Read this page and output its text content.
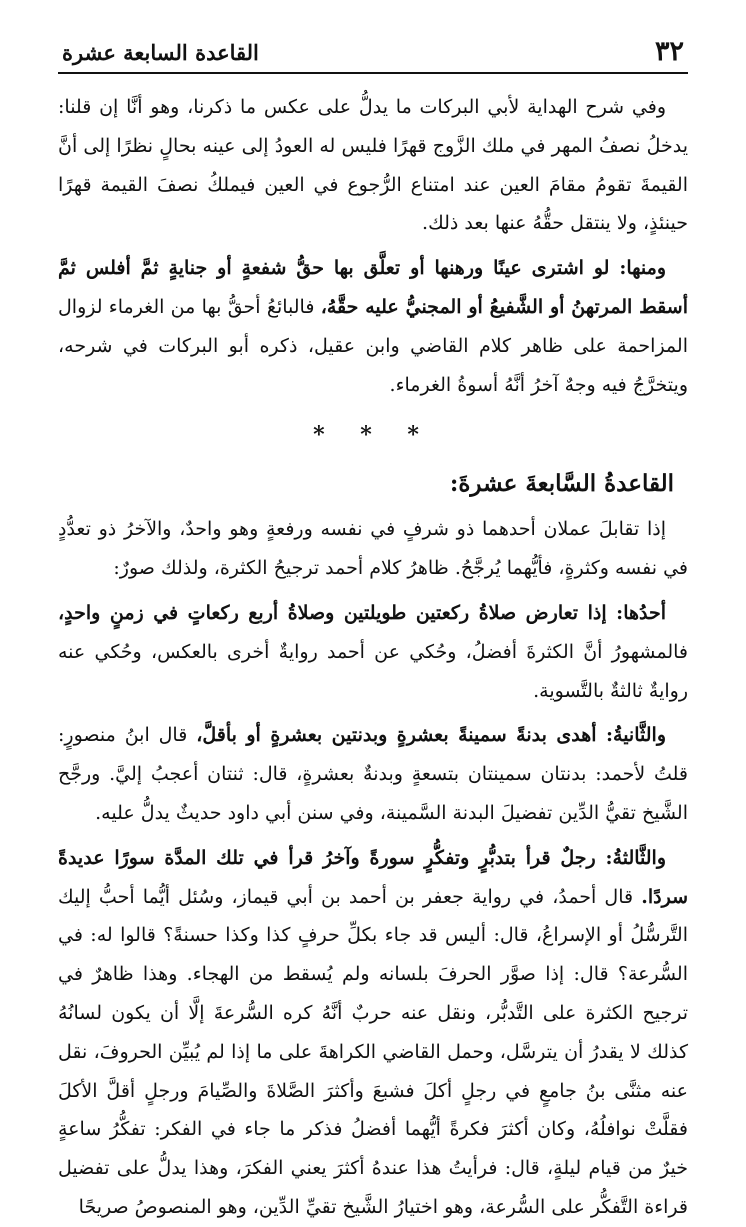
٣٢
القاعدة السابعة عشرة

وفي شرح الهداية لأبي البركات ما يدلُّ على عكس ما ذكرنا، وهو أنَّا إن قلنا: يدخلُ نصفُ المهر في ملك الزَّوج قهرًا فليس له العودُ إلى عينه بحالٍ نظرًا إلى أنَّ القيمةَ تقومُ مقامَ العين عند امتناع الرُّجوع في العين فيملكُ نصفَ القيمة قهرًا حينئذٍ، ولا ينتقل حقُّهُ عنها بعد ذلك.

ومنها: لو اشترى عينًا ورهنها أو تعلَّق بها حقُّ شفعةٍ أو جنايةٍ ثمَّ أفلس ثمَّ أسقط المرتهنُ أو الشَّفيعُ أو المجنيُّ عليه حقَّهُ، فالبائعُ أحقُّ بها من الغرماء لزوال المزاحمة على ظاهر كلام القاضي وابن عقيل، ذكره أبو البركات في شرحه، ويتخرَّجُ فيه وجهٌ آخرُ أنَّهُ أسوةُ الغرماء.

* * *
القاعدةُ السَّابعةَ عشرةَ:

إذا تقابلَ عملان أحدهما ذو شرفٍ في نفسه ورفعةٍ وهو واحدٌ، والآخرُ ذو تعدُّدٍ في نفسه وكثرةٍ، فأيُّهما يُرجَّحُ. ظاهرُ كلام أحمد ترجيحُ الكثرة، ولذلك صورٌ:

أحدُها: إذا تعارض صلاةُ ركعتين طويلتين وصلاةُ أربع ركعاتٍ في زمنٍ واحدٍ، فالمشهورُ أنَّ الكثرةَ أفضلُ، وحُكي عن أحمد روايةٌ أخرى بالعكس، وحُكي عنه روايةٌ ثالثةٌ بالتَّسوية.

والثَّانيةُ: أهدى بدنةً سمينةً بعشرةٍ وبدنتين بعشرةٍ أو بأقلَّ، قال ابنُ منصورٍ: قلتُ لأحمد: بدنتان سمينتان بتسعةٍ وبدنةٌ بعشرةٍ، قال: ثنتان أعجبُ إليَّ. ورجَّح الشَّيخ تقيُّ الدِّين تفضيلَ البدنة السَّمينة، وفي سنن أبي داود حديثٌ يدلُّ عليه.

والثَّالثةُ: رجلٌ قرأ بتدبُّرٍ وتفكُّرٍ سورةً وآخرُ قرأ في تلك المدَّة سورًا عديدةً سردًا. قال أحمدُ، في رواية جعفر بن أحمد بن أبي قيماز، وسُئل أيُّما أحبُّ إليك التَّرسُّلُ أو الإسراعُ، قال: أليس قد جاء بكلِّ حرفٍ كذا وكذا حسنةً؟ قالوا له: في السُّرعة؟ قال: إذا صوَّر الحرفَ بلسانه ولم يُسقط من الهجاء. وهذا ظاهرٌ في ترجيح الكثرة على التَّدبُّر، ونقل عنه حربٌ أنَّهُ كره السُّرعةَ إلَّا أن يكون لسانُهُ كذلك لا يقدرُ أن يترسَّل، وحمل القاضي الكراهةَ على ما إذا لم يُبيِّن الحروفَ، نقل عنه مثنَّى بنُ جامعٍ في رجلٍ أكلَ فشبعَ وأكثرَ الصَّلاةَ والصِّيامَ ورجلٍ أقلَّ الأكلَ فقلَّتْ نوافلُهُ، وكان أكثرَ فكرةً أيُّهما أفضلُ فذكر ما جاء في الفكر: تفكُّرُ ساعةٍ خيرٌ من قيام ليلةٍ، قال: فرأيتُ هذا عندهُ أكثرَ يعني الفكرَ، وهذا يدلُّ على تفضيل قراءة التَّفكُّر على السُّرعة، وهو اختيارُ الشَّيخ تقيِّ الدِّين، وهو المنصوصُ صريحًا
